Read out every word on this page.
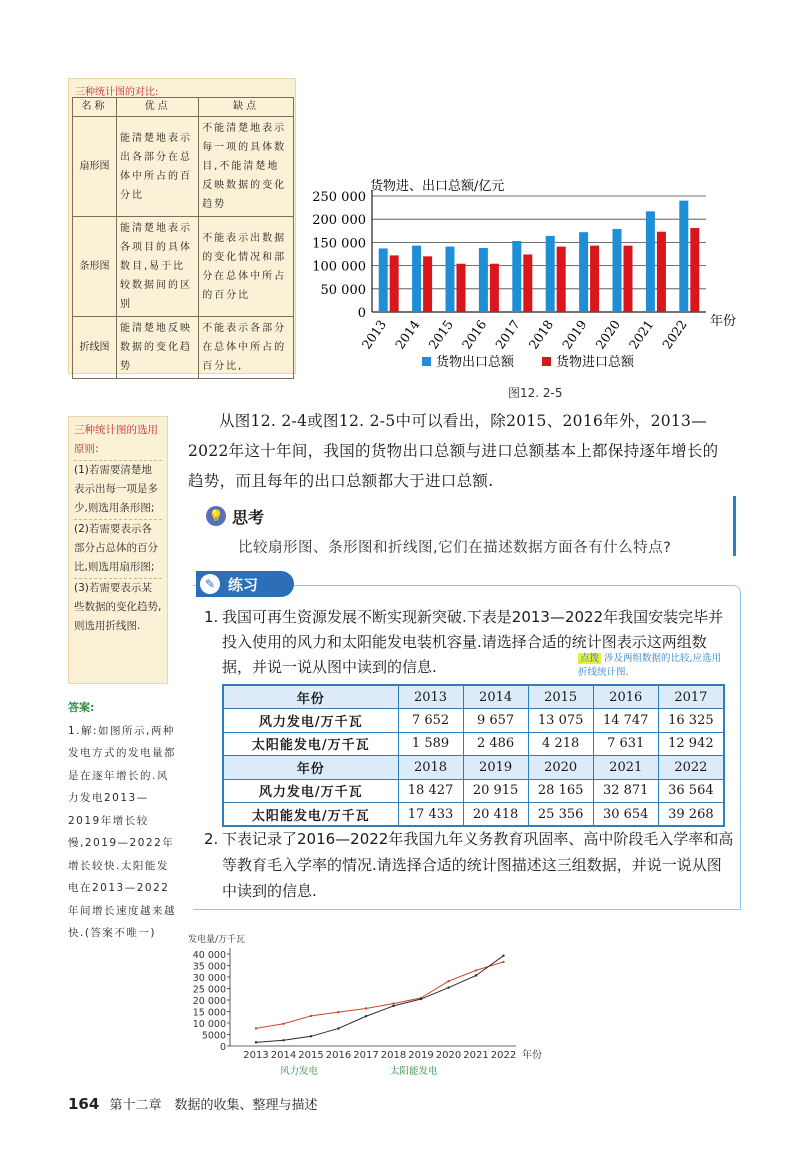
三种统计图的对比:
名称	优点	缺点
扇形图	能清楚地表示出各部分在总体中所占的百分比	不能清楚地表示每一项的具体数目,不能清楚地反映数据的变化趋势
条形图	能清楚地表示各项目的具体数目,易于比较数据间的区别	不能表示出数据的变化情况和部分在总体中所占的百分比
折线图	能清楚地反映数据的变化趋势	不能表示各部分在总体中所占的百分比,
货物进、出口总额/亿元
0
50 000
100 000
150 000
200 000
250 000
2013 2014 2015 2016 2017 2018 2019 2020 2021 2022 年份
货物出口总额	货物进口总额
图12. 2-5
三种统计图的选用原则:
(1)若需要清楚地表示出每一项是多少,则选用条形图;
(2)若需要表示各部分占总体的百分比,则选用扇形图;
(3)若需要表示某些数据的变化趋势,则选用折线图.
答案:
1.解:如图所示,两种发电方式的发电量都是在逐年增长的.风力发电2013—2019年增长较慢,2019—2022年增长较快.太阳能发电在2013—2022年间增长速度越来越快.(答案不唯一)
从图12. 2-4或图12. 2-5中可以看出，除2015、2016年外，2013—2022年这十年间，我国的货物出口总额与进口总额基本上都保持逐年增长的趋势，而且每年的出口总额都大于进口总额.
💡 思考
比较扇形图、条形图和折线图,它们在描述数据方面各有什么特点?
✎ 练习
1. 我国可再生资源发展不断实现新突破.下表是2013—2022年我国安装完毕并投入使用的风力和太阳能发电装机容量.请选择合适的统计图表示这两组数据，并说一说从图中读到的信息.	点拨 涉及两组数据的比较,应选用折线统计图.
年份	2013	2014	2015	2016	2017
风力发电/万千瓦	7 652	9 657	13 075	14 747	16 325
太阳能发电/万千瓦	1 589	2 486	4 218	7 631	12 942
年份	2018	2019	2020	2021	2022
风力发电/万千瓦	18 427	20 915	28 165	32 871	36 564
太阳能发电/万千瓦	17 433	20 418	25 356	30 654	39 268
2. 下表记录了2016—2022年我国九年义务教育巩固率、高中阶段毛入学率和高等教育毛入学率的情况.请选择合适的统计图描述这三组数据，并说一说从图中读到的信息.
发电量/万千瓦
0
5000
10 000
15 000
20 000
25 000
30 000
35 000
40 000
2013 2014 2015 2016 2017 2018 2019 2020 2021 2022 年份
风力发电	太阳能发电
164 第十二章　数据的收集、整理与描述
